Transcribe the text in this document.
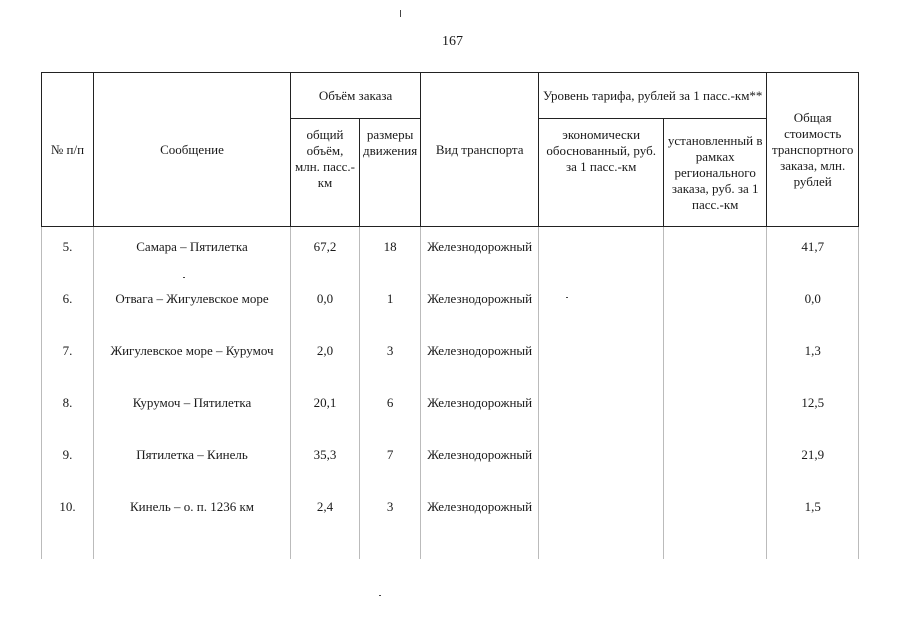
167
№ п/п	Сообщение	Объём заказа		Вид транспорта	Уровень тарифа, рублей за 1 пасс.-км**		Общая стоимость транспортного заказа, млн. рублей
		общий объём, млн. пасс.-км	размеры движения		экономически обоснованный, руб. за 1 пасс.-км	установленный в рамках регионального заказа, руб. за 1 пасс.-км	

5.	Самара – Пятилетка	67,2	18	Железнодорожный			41,7
6.	Отвага – Жигулевское море	0,0	1	Железнодорожный			0,0
7.	Жигулевское море – Курумоч	2,0	3	Железнодорожный			1,3
8.	Курумоч – Пятилетка	20,1	6	Железнодорожный			12,5
9.	Пятилетка – Кинель	35,3	7	Железнодорожный			21,9
10.	Кинель – о. п. 1236 км	2,4	3	Железнодорожный			1,5
